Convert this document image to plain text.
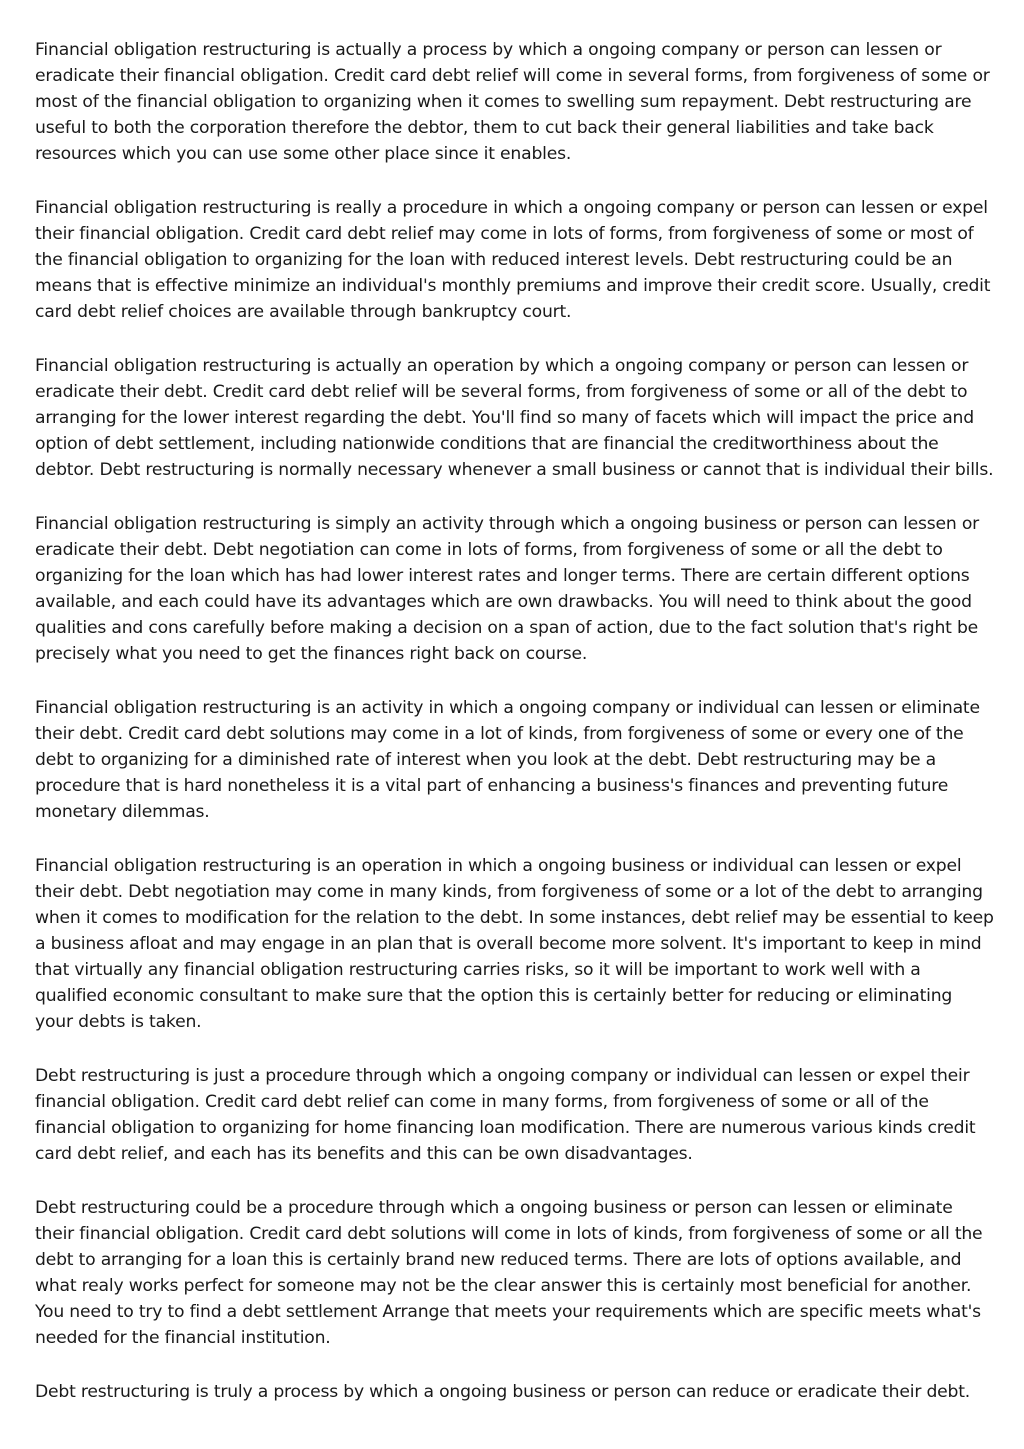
Financial obligation restructuring is actually a process by which a ongoing company or person can lessen or eradicate their financial obligation. Credit card debt relief will come in several forms, from forgiveness of some or most of the financial obligation to organizing when it comes to swelling sum repayment. Debt restructuring are useful to both the corporation therefore the debtor, them to cut back their general liabilities and take back resources which you can use some other place since it enables.

Financial obligation restructuring is really a procedure in which a ongoing company or person can lessen or expel their financial obligation. Credit card debt relief may come in lots of forms, from forgiveness of some or most of the financial obligation to organizing for the loan with reduced interest levels. Debt restructuring could be an means that is effective minimize an individual's monthly premiums and improve their credit score. Usually, credit card debt relief choices are available through bankruptcy court.

Financial obligation restructuring is actually an operation by which a ongoing company or person can lessen or eradicate their debt. Credit card debt relief will be several forms, from forgiveness of some or all of the debt to arranging for the lower interest regarding the debt. You'll find so many of facets which will impact the price and option of debt settlement, including nationwide conditions that are financial the creditworthiness about the debtor. Debt restructuring is normally necessary whenever a small business or cannot that is individual their bills.

Financial obligation restructuring is simply an activity through which a ongoing business or person can lessen or eradicate their debt. Debt negotiation can come in lots of forms, from forgiveness of some or all the debt to organizing for the loan which has had lower interest rates and longer terms. There are certain different options available, and each could have its advantages which are own drawbacks. You will need to think about the good qualities and cons carefully before making a decision on a span of action, due to the fact solution that's right be precisely what you need to get the finances right back on course.

Financial obligation restructuring is an activity in which a ongoing company or individual can lessen or eliminate their debt. Credit card debt solutions may come in a lot of kinds, from forgiveness of some or every one of the debt to organizing for a diminished rate of interest when you look at the debt. Debt restructuring may be a procedure that is hard nonetheless it is a vital part of enhancing a business's finances and preventing future monetary dilemmas.

Financial obligation restructuring is an operation in which a ongoing business or individual can lessen or expel their debt. Debt negotiation may come in many kinds, from forgiveness of some or a lot of the debt to arranging when it comes to modification for the relation to the debt. In some instances, debt relief may be essential to keep a business afloat and may engage in an plan that is overall become more solvent. It's important to keep in mind that virtually any financial obligation restructuring carries risks, so it will be important to work well with a qualified economic consultant to make sure that the option this is certainly better for reducing or eliminating your debts is taken.

Debt restructuring is just a procedure through which a ongoing company or individual can lessen or expel their financial obligation. Credit card debt relief can come in many forms, from forgiveness of some or all of the financial obligation to organizing for home financing loan modification. There are numerous various kinds credit card debt relief, and each has its benefits and this can be own disadvantages.

Debt restructuring could be a procedure through which a ongoing business or person can lessen or eliminate their financial obligation. Credit card debt solutions will come in lots of kinds, from forgiveness of some or all the debt to arranging for a loan this is certainly brand new reduced terms. There are lots of options available, and what realy works perfect for someone may not be the clear answer this is certainly most beneficial for another. You need to try to find a debt settlement Arrange that meets your requirements which are specific meets what's needed for the financial institution.

Debt restructuring is truly a process by which a ongoing business or person can reduce or eradicate their debt.
